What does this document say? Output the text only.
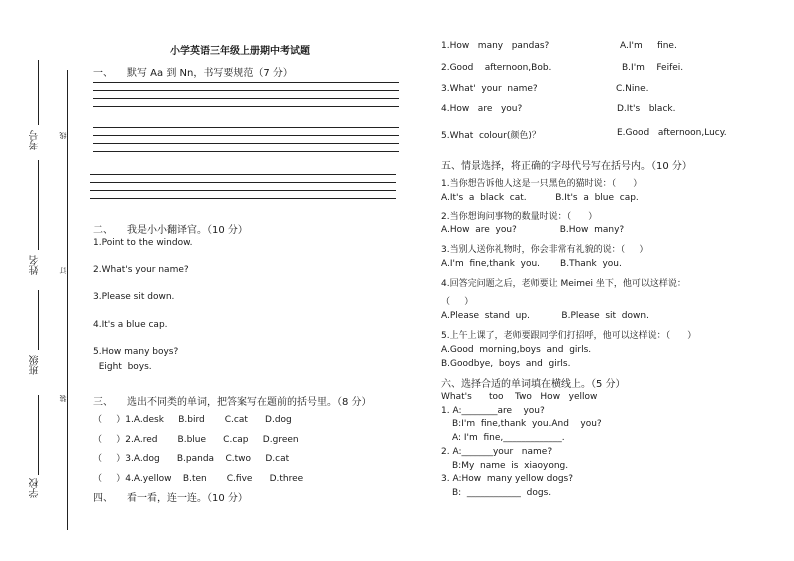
考号
姓名
班级
学校
线
订
装
小学英语三年级上册期中考试题
一、 默写 Aa 到 Nn，书写要规范（7 分）
二、 我是小小翻译官。（10 分）
1.Point to the window.
2.What's your name?
3.Please sit down.
4.It's a blue cap.
5.How many boys?
Eight  boys.
三、 选出不同类的单词，把答案写在题前的括号里。（8 分）
（     ）1.A.desk     B.bird       C.cat      D.dog
（     ）2.A.red       B.blue      C.cap     D.green
（     ）3.A.dog      B.panda    C.two     D.cat
（     ）4.A.yellow    B.ten       C.five      D.three
四、 看一看，连一连。（10 分）
1.How   many   pandas?
2.Good    afternoon,Bob.
3.What'  your  name?
4.How   are   you?
5.What  colour(颜色)？
A.I'm     fine.
B.I'm    Feifei.
C.Nine.
D.It's   black.
E.Good   afternoon,Lucy.
五、情景选择，将正确的字母代号写在括号内。（10 分）
1.当你想告诉他人这是一只黑色的猫时说：（      ）
A.It's  a  black  cat.          B.It's  a  blue  cap.
2.当你想询问事物的数量时说：（      ）
A.How  are  you?               B.How  many?
3.当别人送你礼物时，你会非常有礼貌的说：（     ）
A.I'm  fine,thank  you.       B.Thank  you.
4.回答完问题之后，老师要让 Meimei 坐下，他可以这样说：
（     ）
A.Please  stand  up.           B.Please  sit  down.
5.上午上课了，老师要跟同学们打招呼，他可以这样说：（      ）
A.Good  morning,boys  and  girls.
B.Goodbye,  boys  and  girls.
六、选择合适的单词填在横线上。（5 分）
What's      too    Two   How   yellow
1. A:________are    you?
B:I'm  fine,thank  you.And    you?
A: I'm  fine,_____________.
2. A:_______your   name?
B:My  name  is  xiaoyong.
3. A:How  many yellow dogs?
B:  ____________  dogs.
